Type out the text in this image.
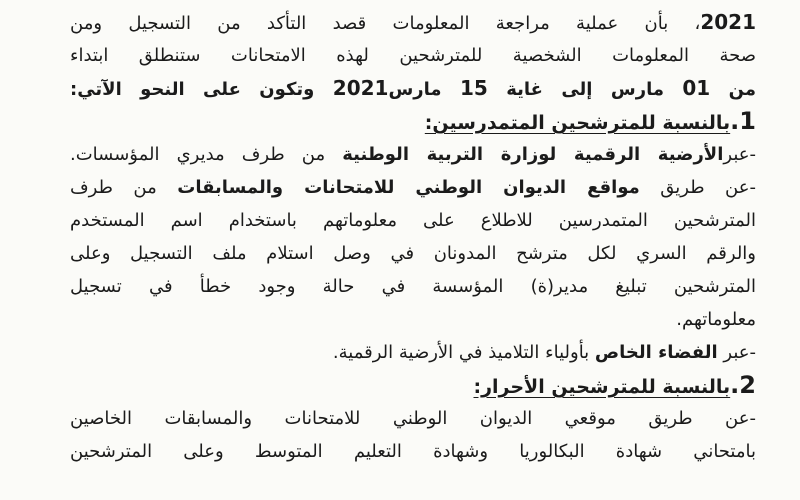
2021، بأن عملية مراجعة المعلومات قصد التأكد من التسجيل ومن
صحة المعلومات الشخصية للمترشحين لهذه الامتحانات ستنطلق ابتداء
من 01 مارس إلى غاية 15 مارس2021 وتكون على النحو الآتي:
1.بالنسبة للمترشحين المتمدرسين:
-عبرالأرضية الرقمية لوزارة التربية الوطنية من طرف مديري المؤسسات.
-عن طريق مواقع الديوان الوطني للامتحانات والمسابقات من طرف
المترشحين المتمدرسين للاطلاع على معلوماتهم باستخدام اسم المستخدم
والرقم السري لكل مترشح المدونان في وصل استلام ملف التسجيل وعلى
المترشحين تبليغ مدير(ة) المؤسسة في حالة وجود خطأ في تسجيل
معلوماتهم.
-عبر الفضاء الخاص بأولياء التلاميذ في الأرضية الرقمية.
2.بالنسبة للمترشحين الأحرار:
-عن طريق موقعي الديوان الوطني للامتحانات والمسابقات الخاصين
بامتحاني شهادة البكالوريا وشهادة التعليم المتوسط وعلى المترشحين
